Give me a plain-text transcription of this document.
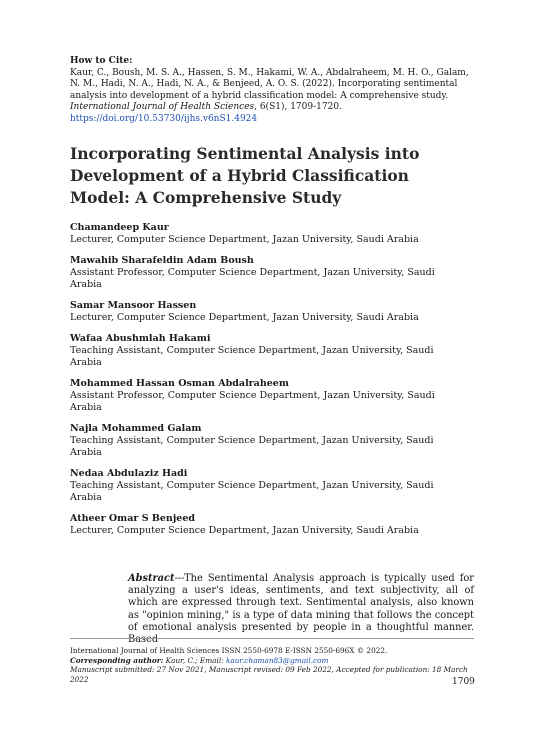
How to Cite:

Kaur, C., Boush, M. S. A., Hassen, S. M., Hakami, W. A., Abdalraheem, M. H. O., Galam, N. M., Hadi, N. A., Hadi, N. A., & Benjeed, A. O. S. (2022). Incorporating sentimental analysis into development of a hybrid classification model: A comprehensive study. International Journal of Health Sciences, 6(S1), 1709-1720.

https://doi.org/10.53730/ijhs.v6nS1.4924
Incorporating Sentimental Analysis into Development of a Hybrid Classification Model: A Comprehensive Study
Chamandeep Kaur
Lecturer, Computer Science Department, Jazan University, Saudi Arabia
Mawahib Sharafeldin Adam Boush
Assistant Professor, Computer Science Department, Jazan University, Saudi Arabia
Samar Mansoor Hassen
Lecturer, Computer Science Department, Jazan University, Saudi Arabia
Wafaa Abushmlah Hakami
Teaching Assistant, Computer Science Department, Jazan University, Saudi Arabia
Mohammed Hassan Osman Abdalraheem
Assistant Professor, Computer Science Department, Jazan University, Saudi Arabia
Najla Mohammed Galam
Teaching Assistant, Computer Science Department, Jazan University, Saudi Arabia
Nedaa Abdulaziz Hadi
Teaching Assistant, Computer Science Department, Jazan University, Saudi Arabia
Atheer Omar S Benjeed
Lecturer, Computer Science Department, Jazan University, Saudi Arabia

Abstract---The Sentimental Analysis approach is typically used for analyzing a user's ideas, sentiments, and text subjectivity, all of which are expressed through text. Sentimental analysis, also known as "opinion mining," is a type of data mining that follows the concept of emotional analysis presented by people in a thoughtful manner. Based

International Journal of Health Sciences ISSN 2550-6978 E-ISSN 2550-696X © 2022.
Corresponding author: Kaur, C.; Email: kaur.chaman83@gmail.com
Manuscript submitted: 27 Nov 2021, Manuscript revised: 09 Feb 2022, Accepted for publication: 18 March 2022	1709
